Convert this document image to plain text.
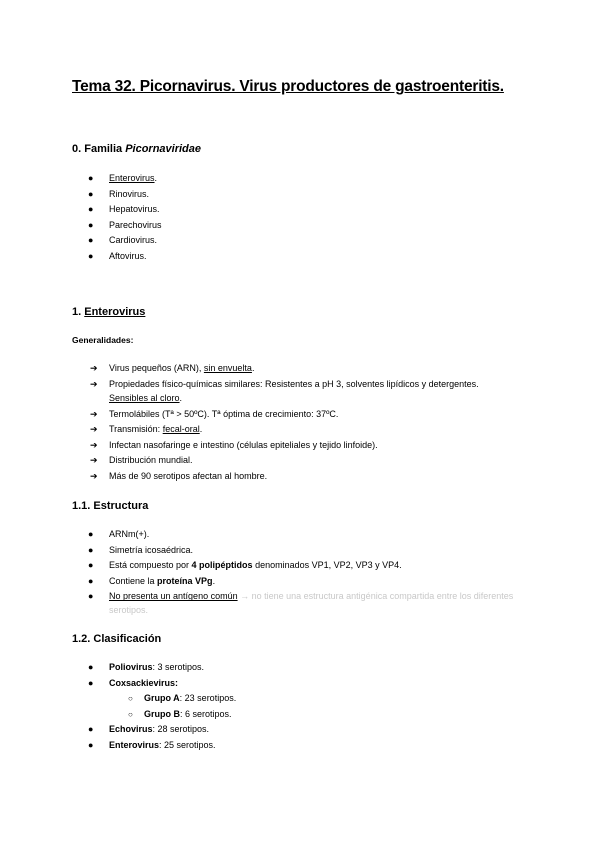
Tema 32. Picornavirus. Virus productores de gastroenteritis.
0. Familia Picornaviridae
● Enterovirus.
● Rinovirus.
● Hepatovirus.
● Parechovirus
● Cardiovirus.
● Aftovirus.
1. Enterovirus
Generalidades:
➔ Virus pequeños (ARN), sin envuelta.
➔ Propiedades físico-químicas similares: Resistentes a pH 3, solventes lipídicos y detergentes.
Sensibles al cloro.
➔ Termolábiles (Tª > 50ºC). Tª óptima de crecimiento: 37ºC.
➔ Transmisión: fecal-oral.
➔ Infectan nasofaringe e intestino (células epiteliales y tejido linfoide).
➔ Distribución mundial.
➔ Más de 90 serotipos afectan al hombre.
1.1. Estructura
● ARNm(+).
● Simetría icosaédrica.
● Está compuesto por 4 polipéptidos denominados VP1, VP2, VP3 y VP4.
● Contiene la proteína VPg.
● No presenta un antígeno común → no tiene una estructura antigénica compartida entre los diferentes serotipos.
1.2. Clasificación
● Poliovirus: 3 serotipos.
● Coxsackievirus:
○ Grupo A: 23 serotipos.
○ Grupo B: 6 serotipos.
● Echovirus: 28 serotipos.
● Enterovirus: 25 serotipos.
